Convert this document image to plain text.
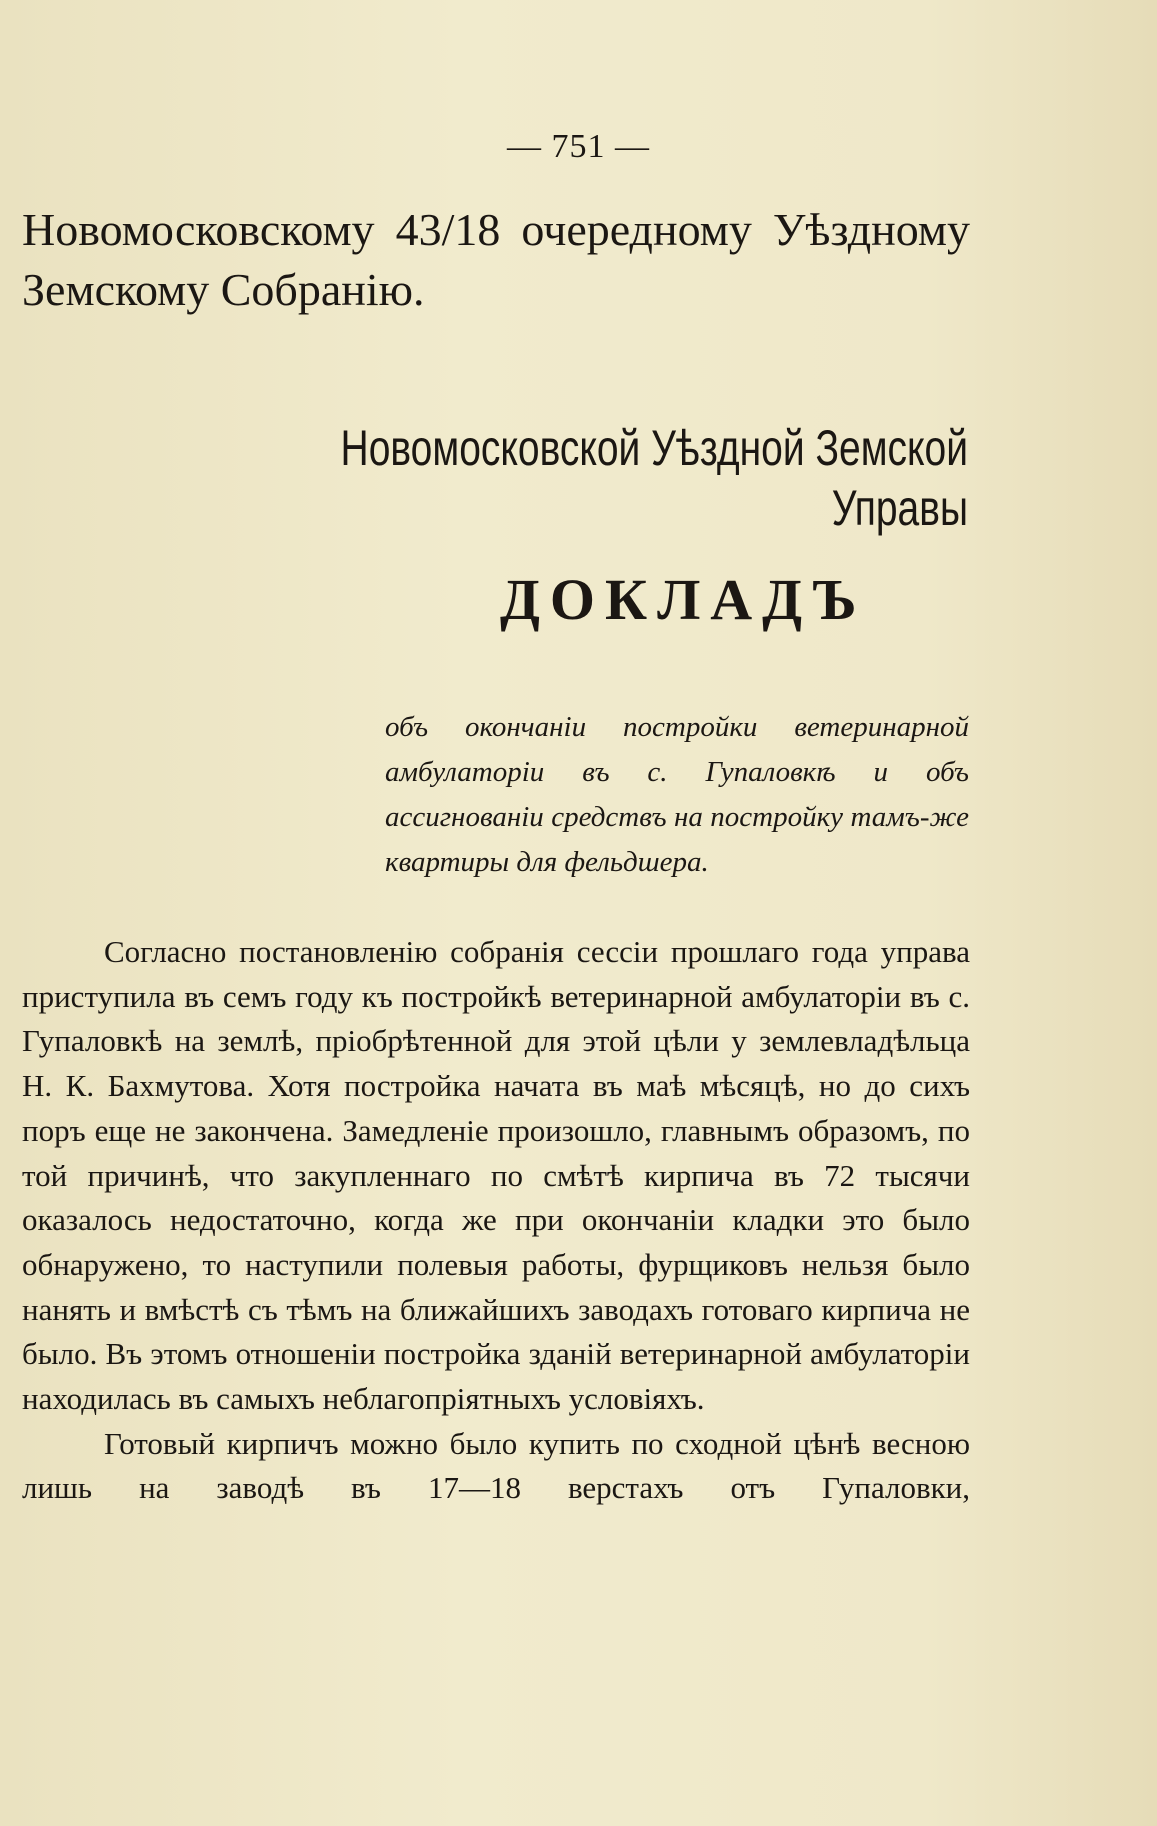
— 751 —
Новомосковскому 43/18 очередному Уѣздному Земскому Собранію.
Новомосковской Уѣздной Земской Управы
ДОКЛАДЪ
объ окончаніи постройки ветеринарной амбулаторіи въ с. Гупаловкѣ и объ ассигнованіи средствъ на постройку тамъ-же квартиры для фельдшера.

Согласно постановленію собранія сессіи прошлаго года управа приступила въ семъ году къ постройкѣ ветеринарной амбулаторіи въ с. Гупаловкѣ на землѣ, пріобрѣтенной для этой цѣли у землевладѣльца Н. К. Бахмутова. Хотя постройка начата въ маѣ мѣсяцѣ, но до сихъ поръ еще не закончена. Замедленіе произошло, главнымъ образомъ, по той причинѣ, что закупленнаго по смѣтѣ кирпича въ 72 тысячи оказалось недостаточно, когда же при окончаніи кладки это было обнаружено, то наступили полевыя работы, фурщиковъ нельзя было нанять и вмѣстѣ съ тѣмъ на ближайшихъ заводахъ готоваго кирпича не было. Въ этомъ отношеніи постройка зданій ветеринарной амбулаторіи находилась въ самыхъ неблагопріятныхъ условіяхъ.

Готовый кирпичъ можно было купить по сходной цѣнѣ весною лишь на заводѣ въ 17—18 верстахъ отъ Гупаловки,
